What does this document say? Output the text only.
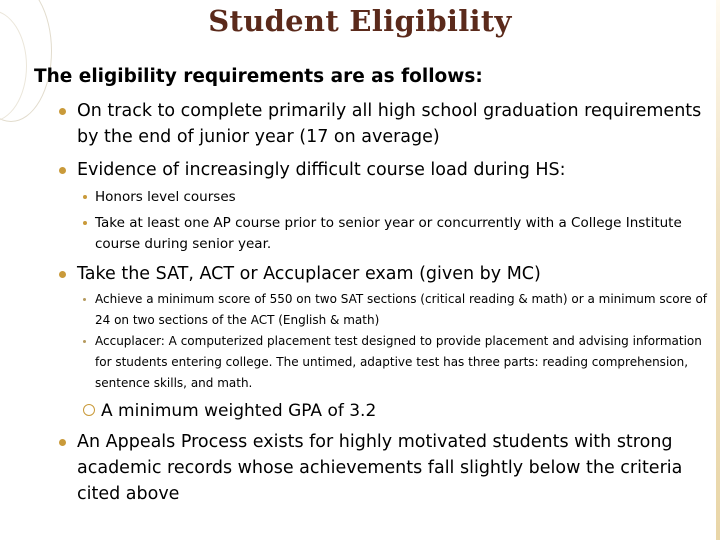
Student Eligibility
The eligibility requirements are as follows:
On track to complete primarily all high school graduation requirements by the end of junior year (17 on average)
Evidence of increasingly difficult course load during HS:
Honors level courses
Take at least one AP course prior to senior year or concurrently with a College Institute course during senior year.
Take the SAT, ACT or Accuplacer exam (given by MC)
Achieve a minimum score of 550 on two SAT sections (critical reading & math) or a minimum score of 24 on two sections of the ACT (English & math)
Accuplacer: A computerized placement test designed to provide placement and advising information for students entering college. The untimed, adaptive test has three parts: reading comprehension, sentence skills, and math.
A minimum weighted GPA of 3.2
An Appeals Process exists for highly motivated students with strong academic records whose achievements fall slightly below the criteria cited above
